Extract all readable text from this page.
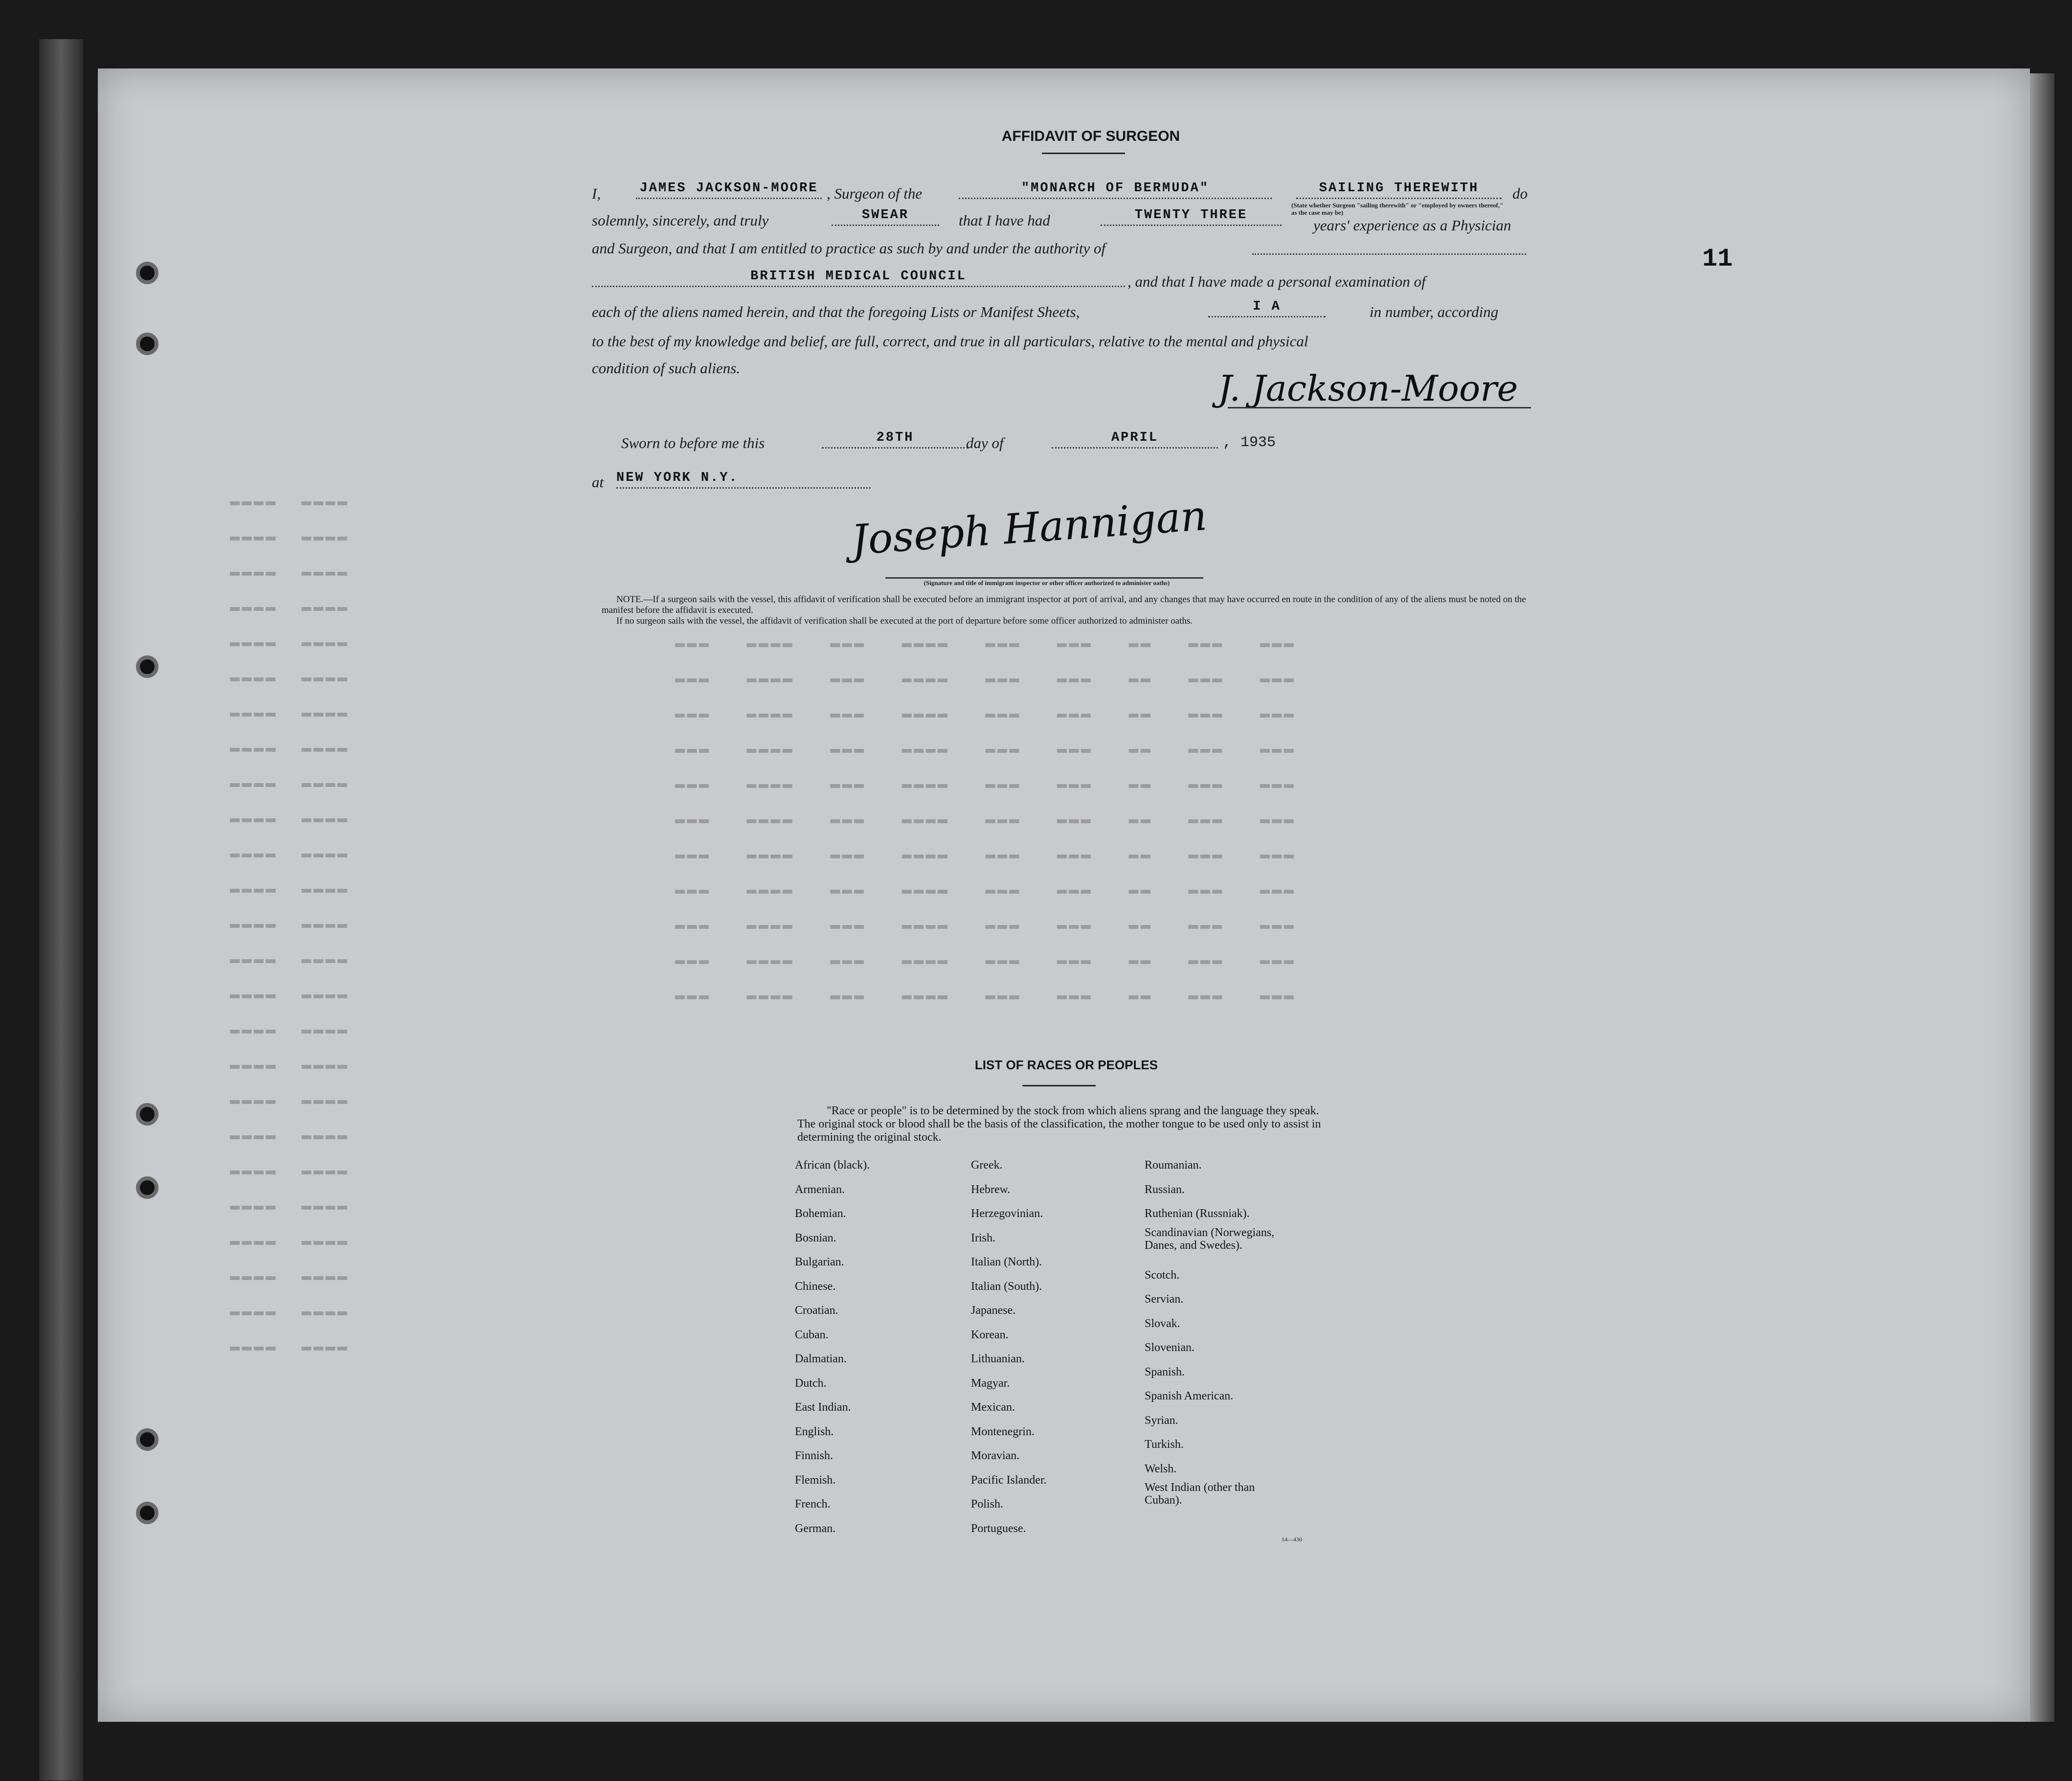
▬▬▬▬  ▬▬▬▬
▬▬▬▬  ▬▬▬▬
▬▬▬▬  ▬▬▬▬
▬▬▬▬  ▬▬▬▬
▬▬▬▬  ▬▬▬▬
▬▬▬▬  ▬▬▬▬
▬▬▬▬  ▬▬▬▬
▬▬▬▬  ▬▬▬▬
▬▬▬▬  ▬▬▬▬
▬▬▬▬  ▬▬▬▬
▬▬▬▬  ▬▬▬▬
▬▬▬▬  ▬▬▬▬
▬▬▬▬  ▬▬▬▬
▬▬▬▬  ▬▬▬▬
▬▬▬▬  ▬▬▬▬
▬▬▬▬  ▬▬▬▬
▬▬▬▬  ▬▬▬▬
▬▬▬▬  ▬▬▬▬
▬▬▬▬  ▬▬▬▬
▬▬▬▬  ▬▬▬▬
▬▬▬▬  ▬▬▬▬
▬▬▬▬  ▬▬▬▬
▬▬▬▬  ▬▬▬▬
▬▬▬▬  ▬▬▬▬
▬▬▬▬  ▬▬▬▬
▬▬▬   ▬▬▬▬   ▬▬▬   ▬▬▬▬   ▬▬▬   ▬▬▬   ▬▬   ▬▬▬   ▬▬▬
▬▬▬   ▬▬▬▬   ▬▬▬   ▬▬▬▬   ▬▬▬   ▬▬▬   ▬▬   ▬▬▬   ▬▬▬
▬▬▬   ▬▬▬▬   ▬▬▬   ▬▬▬▬   ▬▬▬   ▬▬▬   ▬▬   ▬▬▬   ▬▬▬
▬▬▬   ▬▬▬▬   ▬▬▬   ▬▬▬▬   ▬▬▬   ▬▬▬   ▬▬   ▬▬▬   ▬▬▬
▬▬▬   ▬▬▬▬   ▬▬▬   ▬▬▬▬   ▬▬▬   ▬▬▬   ▬▬   ▬▬▬   ▬▬▬
▬▬▬   ▬▬▬▬   ▬▬▬   ▬▬▬▬   ▬▬▬   ▬▬▬   ▬▬   ▬▬▬   ▬▬▬
▬▬▬   ▬▬▬▬   ▬▬▬   ▬▬▬▬   ▬▬▬   ▬▬▬   ▬▬   ▬▬▬   ▬▬▬
▬▬▬   ▬▬▬▬   ▬▬▬   ▬▬▬▬   ▬▬▬   ▬▬▬   ▬▬   ▬▬▬   ▬▬▬
▬▬▬   ▬▬▬▬   ▬▬▬   ▬▬▬▬   ▬▬▬   ▬▬▬   ▬▬   ▬▬▬   ▬▬▬
▬▬▬   ▬▬▬▬   ▬▬▬   ▬▬▬▬   ▬▬▬   ▬▬▬   ▬▬   ▬▬▬   ▬▬▬
▬▬▬   ▬▬▬▬   ▬▬▬   ▬▬▬▬   ▬▬▬   ▬▬▬   ▬▬   ▬▬▬   ▬▬▬
AFFIDAVIT OF SURGEON
I,	JAMES JACKSON-MOORE , Surgeon of the	"MONARCH OF BERMUDA"	SAILING THEREWITH	do
(State whether Surgeon "sailing therewith" or "employed by owners thereof," as the case may be)
solemnly, sincerely, and truly	SWEAR	that I have had	TWENTY THREE
and Surgeon, and that I am entitled to practice as such by and under the authority of
years' experience as a Physician
BRITISH MEDICAL COUNCIL	, and that I have made a personal examination of
each of the aliens named herein, and that the foregoing Lists or Manifest Sheets,	I A	in number, according
to the best of my knowledge and belief, are full, correct, and true in all particulars, relative to the mental and physical
condition of such aliens.
11
J. Jackson-Moore
Sworn to before me this	28TH	day of	APRIL	, 1935
at NEW YORK N.Y.
Joseph Hannigan
(Signature and title of immigrant inspector or other officer authorized to administer oaths)
NOTE.—If a surgeon sails with the vessel, this affidavit of verification shall be executed before an immigrant inspector at port of arrival, and any changes that may have occurred en route in the condition of any of the aliens must be noted on the manifest before the affidavit is executed.
If no surgeon sails with the vessel, the affidavit of verification shall be executed at the port of departure before some officer authorized to administer oaths.
LIST OF RACES OR PEOPLES
"Race or people" is to be determined by the stock from which aliens sprang and the language they speak. The original stock or blood shall be the basis of the classification, the mother tongue to be used only to assist in determining the original stock.
African (black).
Armenian.
Bohemian.
Bosnian.
Bulgarian.
Chinese.
Croatian.
Cuban.
Dalmatian.
Dutch.
East Indian.
English.
Finnish.
Flemish.
French.
German.
Greek.
Hebrew.
Herzegovinian.
Irish.
Italian (North).
Italian (South).
Japanese.
Korean.
Lithuanian.
Magyar.
Mexican.
Montenegrin.
Moravian.
Pacific Islander.
Polish.
Portuguese.
Roumanian.
Russian.
Ruthenian (Russniak).
Scandinavian (Norwegians,
Danes, and Swedes).
Scotch.
Servian.
Slovak.
Slovenian.
Spanish.
Spanish American.
Syrian.
Turkish.
Welsh.
West Indian (other than
Cuban).
14—430
